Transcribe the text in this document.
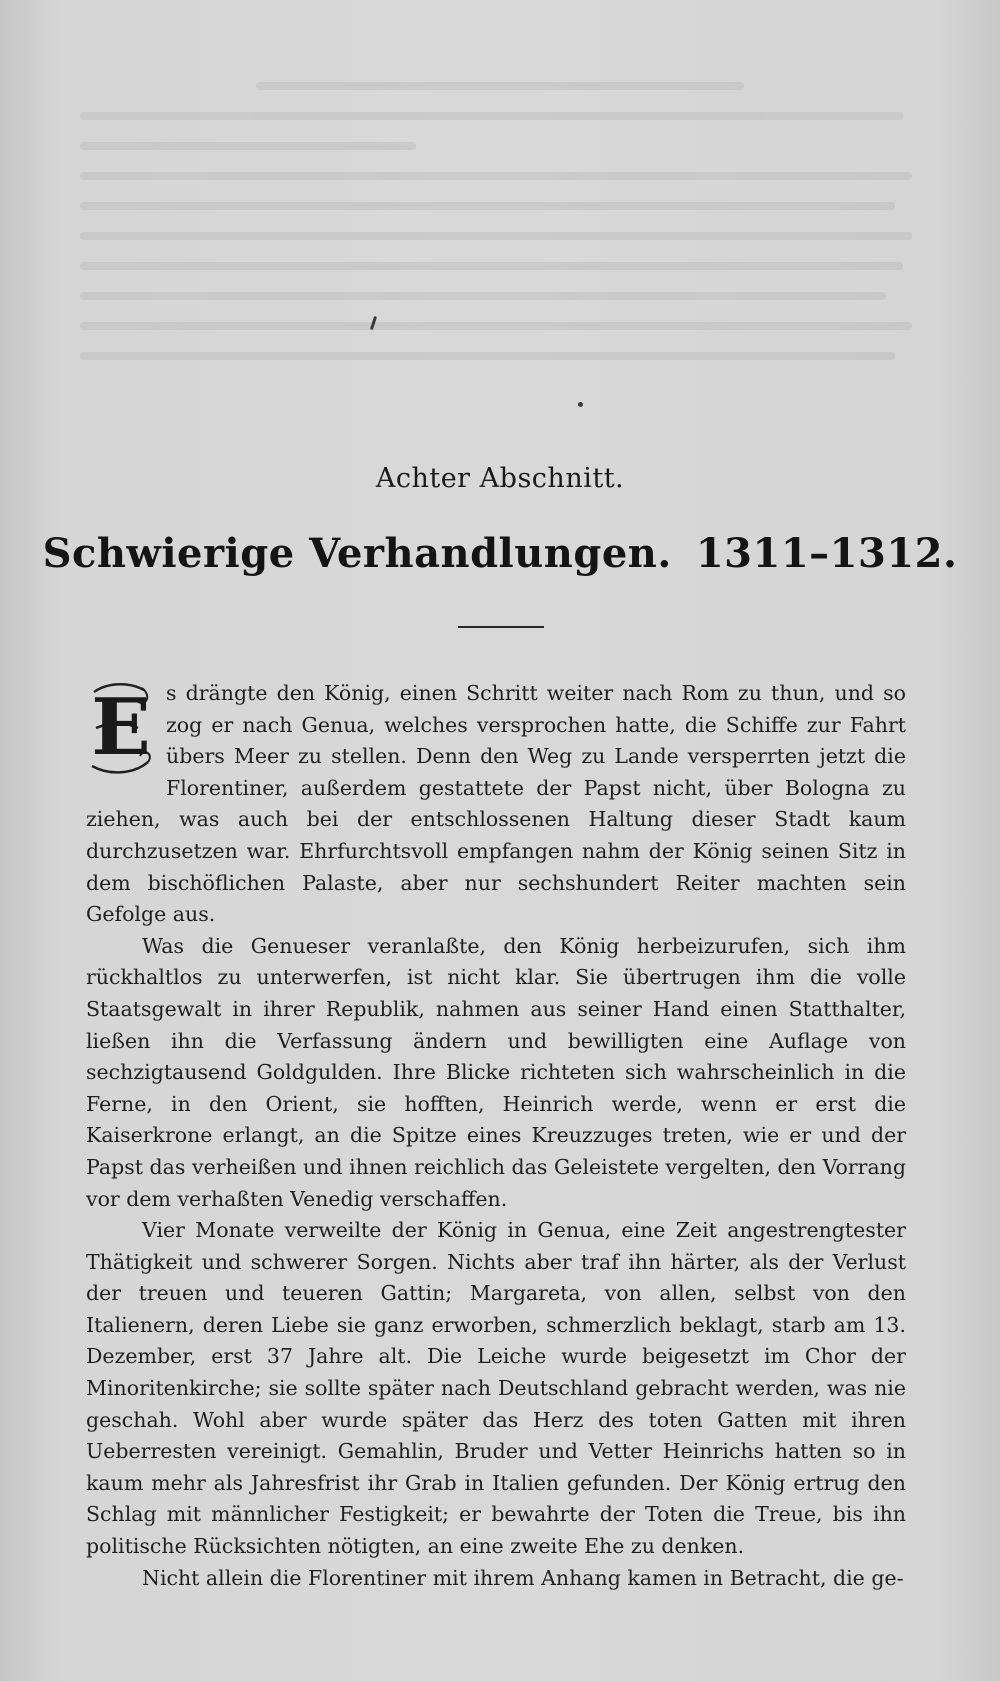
Achter Abschnitt.
Schwierige Verhandlungen. 1311–1312.

E s drängte den König, einen Schritt weiter nach Rom zu thun, und so zog er nach Genua, welches versprochen hatte, die Schiffe zur Fahrt übers Meer zu stellen. Denn den Weg zu Lande versperrten jetzt die Florentiner, außerdem gestattete der Papst nicht, über Bologna zu ziehen, was auch bei der entschlossenen Haltung dieser Stadt kaum durchzusetzen war. Ehrfurchtsvoll empfangen nahm der König seinen Sitz in dem bischöflichen Palaste, aber nur sechshundert Reiter machten sein Gefolge aus.

Was die Genueser veranlaßte, den König herbeizurufen, sich ihm rückhaltlos zu unterwerfen, ist nicht klar. Sie übertrugen ihm die volle Staatsgewalt in ihrer Republik, nahmen aus seiner Hand einen Statthalter, ließen ihn die Verfassung ändern und bewilligten eine Auflage von sechzigtausend Goldgulden. Ihre Blicke richteten sich wahrscheinlich in die Ferne, in den Orient, sie hofften, Heinrich werde, wenn er erst die Kaiserkrone erlangt, an die Spitze eines Kreuzzuges treten, wie er und der Papst das verheißen und ihnen reichlich das Geleistete vergelten, den Vorrang vor dem verhaßten Venedig verschaffen.

Vier Monate verweilte der König in Genua, eine Zeit angestrengtester Thätigkeit und schwerer Sorgen. Nichts aber traf ihn härter, als der Verlust der treuen und teueren Gattin; Margareta, von allen, selbst von den Italienern, deren Liebe sie ganz erworben, schmerzlich beklagt, starb am 13. Dezember, erst 37 Jahre alt. Die Leiche wurde beigesetzt im Chor der Minoritenkirche; sie sollte später nach Deutschland gebracht werden, was nie geschah. Wohl aber wurde später das Herz des toten Gatten mit ihren Ueberresten vereinigt. Gemahlin, Bruder und Vetter Heinrichs hatten so in kaum mehr als Jahresfrist ihr Grab in Italien gefunden. Der König ertrug den Schlag mit männlicher Festigkeit; er bewahrte der Toten die Treue, bis ihn politische Rücksichten nötigten, an eine zweite Ehe zu denken.

Nicht allein die Florentiner mit ihrem Anhang kamen in Betracht, die ge-
